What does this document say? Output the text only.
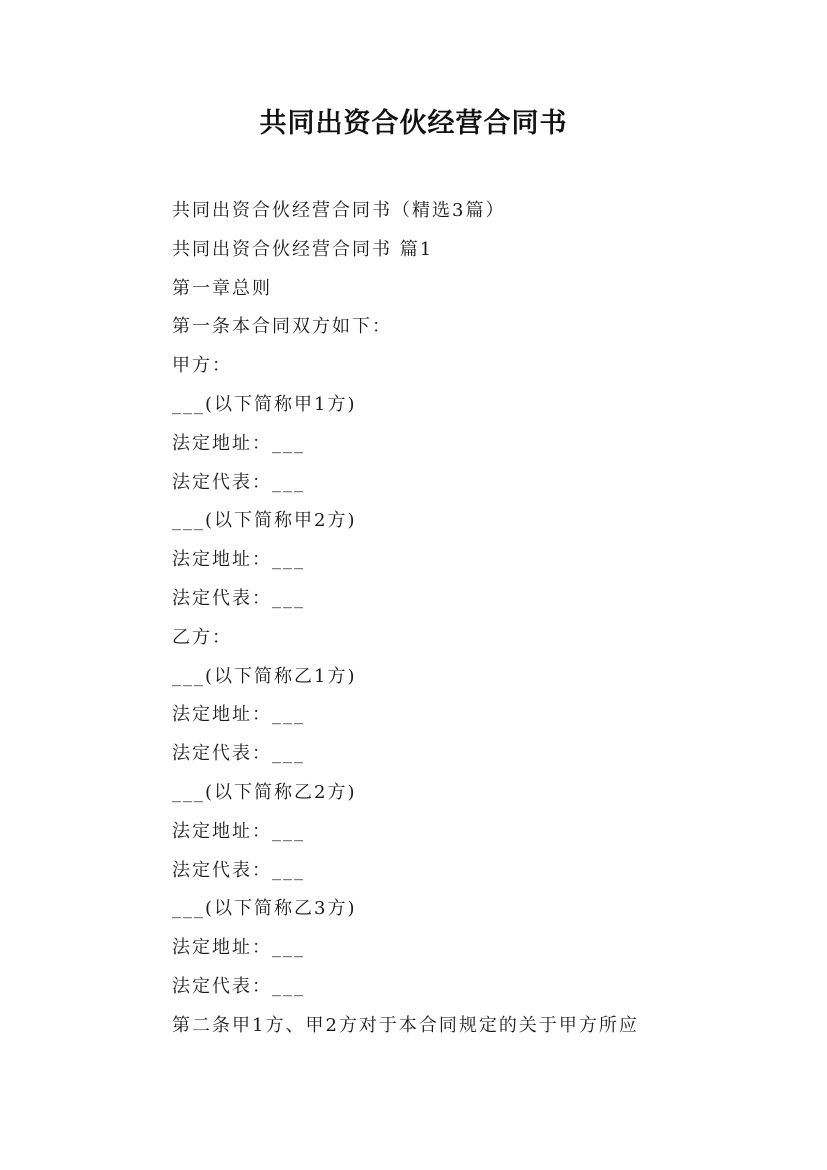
共同出资合伙经营合同书
共同出资合伙经营合同书（精选3篇）
共同出资合伙经营合同书 篇1
第一章总则
第一条本合同双方如下：
甲方：
___(以下简称甲1方)
法定地址：___
法定代表：___
___(以下简称甲2方)
法定地址：___
法定代表：___
乙方：
___(以下简称乙1方)
法定地址：___
法定代表：___
___(以下简称乙2方)
法定地址：___
法定代表：___
___(以下简称乙3方)
法定地址：___
法定代表：___
第二条甲1方、甲2方对于本合同规定的关于甲方所应
